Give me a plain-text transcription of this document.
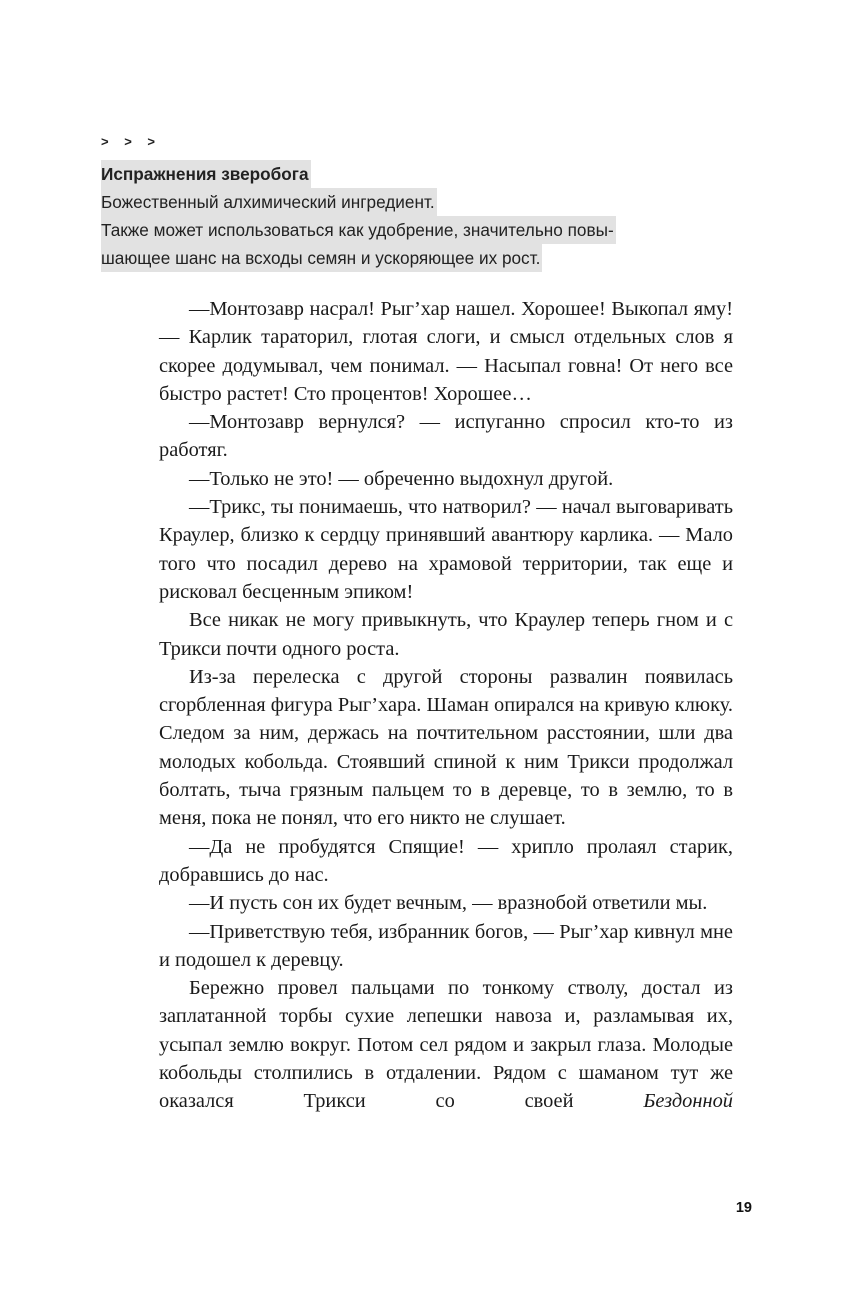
> > >
Испражнения зверобога
Божественный алхимический ингредиент.
Также может использоваться как удобрение, значительно повы-
шающее шанс на всходы семян и ускоряющее их рост.

—Монтозавр насрал! Рыг’хар нашел. Хорошее! Выкопал яму! — Карлик тараторил, глотая слоги, и смысл отдельных слов я скорее додумывал, чем понимал. — Насыпал говна! От него все быстро растет! Сто процентов! Хорошее…

—Монтозавр вернулся? — испуганно спросил кто-то из работяг.

—Только не это! — обреченно выдохнул другой.

—Трикс, ты понимаешь, что натворил? — начал выговаривать Краулер, близко к сердцу принявший авантюру карлика. — Мало того что посадил дерево на храмовой территории, так еще и рисковал бесценным эпиком!

Все никак не могу привыкнуть, что Краулер теперь гном и с Трикси почти одного роста.

Из-за перелеска с другой стороны развалин появилась сгорбленная фигура Рыг’хара. Шаман опирался на кривую клюку. Следом за ним, держась на почтительном расстоянии, шли два молодых кобольда. Стоявший спиной к ним Трикси продолжал болтать, тыча грязным пальцем то в деревце, то в землю, то в меня, пока не понял, что его никто не слушает.

—Да не пробудятся Спящие! — хрипло пролаял старик, добравшись до нас.

—И пусть сон их будет вечным, — вразнобой ответили мы.

—Приветствую тебя, избранник богов, — Рыг’хар кивнул мне и подошел к деревцу.

Бережно провел пальцами по тонкому стволу, достал из заплатанной торбы сухие лепешки навоза и, разламывая их, усыпал землю вокруг. Потом сел рядом и закрыл глаза. Молодые кобольды столпились в отдалении. Рядом с шаманом тут же оказался Трикси со своей	Бездонной

19
